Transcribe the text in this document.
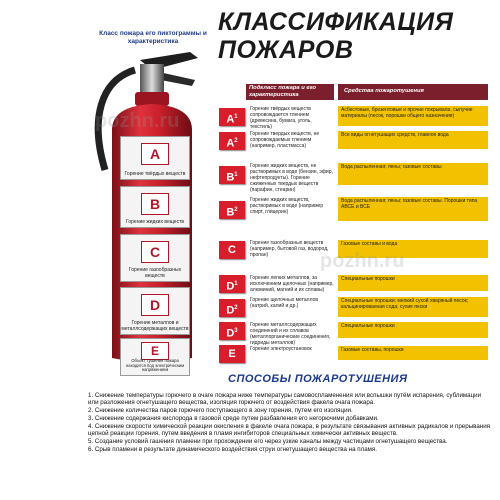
КЛАССИФИКАЦИЯ ПОЖАРОВ
Класс пожара его пиктограммы и характеристика
A
Горение твёрдых веществ
B
Горение жидких веществ
C
Горение газообразных веществ
D
Горение металлов и металлсодержащих веществ
E
Объект тушения пожара находится под электрическим напряжением
Подкласс пожара и его характеристика
Средства пожаротушения
$A^1$
Горение твёрдых веществ сопровождается тлением (древесина, бумага, уголь, текстиль)
Асбестовые, брезентовые и прочие покрывала, сыпучие материалы (песок, порошки общего назначения)
$A^2$
Горение твердых веществ, не сопровождаемых тлением (например, пластмасса)
Все виды огнетушащих средств, главное вода
$B^1$
Горение жидких веществ, не растворимых в воде (бензин, эфир, нефтепродукты). Горение сжиженных твердых веществ (парафин, стеарин)
Вода распыленная; пены; газовые составы
$B^2$
Горение жидких веществ, растворимых в воде (например спирт, глицерин)
Вода распыленная; пены; газовые составы. Порошки типа АВСЕ и ВСЕ
C
Горение газообразных веществ (например, бытовой газ, водород, пропан)
Газовые составы и вода
$D^1$
Горение легких металлов, за исключением щелочных (например, алюминий, магний и их сплавы)
Специальные порошки
$D^2$
Горение щелочных металлов (натрий, калий и др.)
Специальные порошки; мелкий сухой хваряный песок; кальцинированная сода; сухие пески
$D^3$
Горение металлсодержащих соединений и их сплавов (металлорганические соединения, гидриды металлов)
Специальные порошки
E	Горение электроустановок	Газовые составы, порошки
СПОСОБЫ ПОЖАРОТУШЕНИЯ

1. Снижение температуры горючего в очаге пожара ниже температуры самовоспламенения или вспышки путём испарения, сублимации или разложения огнетушащего вещества, изоляция горючего от воздействия факела очага пожара.

2. Снижение количества паров горючего поступающего в зону горения, путем его изоляции.

3. Снижение содержания кислорода в газовой среде путем разбавления его негорючими добавками.

4. Снижение скорости химической реакции окисления в факеле очага пожара, в результате связывания активных радикалов и прерывания цепной реакции горения, путем введения в пламя ингибиторов специальных химически активных веществ.

5. Создание условий гашения пламени при прохождении его через узкие каналы между частицами огнетушащего вещества.

6. Срыв пламени в результате динамического воздействия струи огнетушащего вещества на пламя.

pozhn.ru
pozhn.ru
